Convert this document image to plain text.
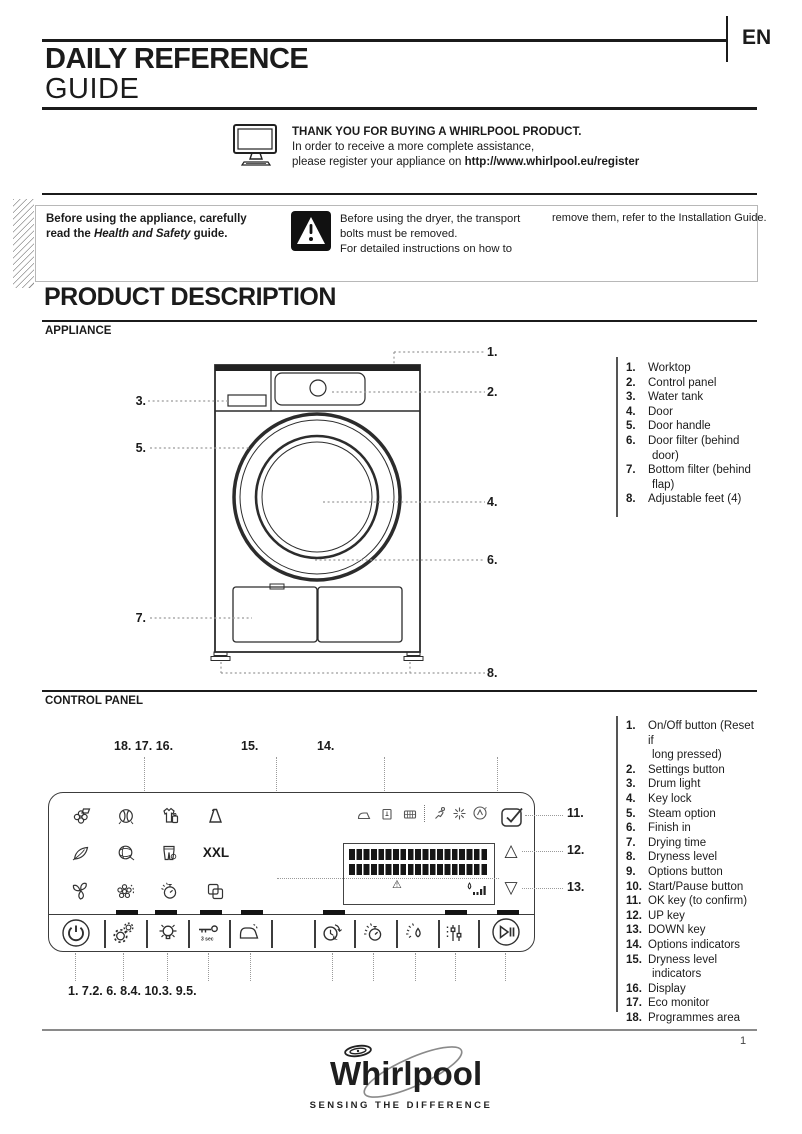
EN
DAILY REFERENCE
GUIDE
THANK YOU FOR BUYING A WHIRLPOOL PRODUCT.
In order to receive a more complete assistance,
please register your appliance on http://www.whirlpool.eu/register
Before using the appliance, carefully read the Health and Safety guide.
Before using the dryer, the transport bolts must be removed.
For detailed instructions on how to
remove them, refer to the Installation Guide.
PRODUCT DESCRIPTION
APPLIANCE
1.
2.
3.
5.
4.
6.
7.
8.
1.	Worktop
2.	Control panel
3.	Water tank
4.	Door
5.	Door handle
6.	Door filter (behind
door)
7.	Bottom filter (behind
flap)
8.	Adjustable feet (4)
CONTROL PANEL
18. 17. 16.	15.	14.
XXL
⚠
△
▽
3 sec	h.
11.
12.
13.
1. 7.2. 6. 8.4. 10.3. 9.5.
1.	On/Off button (Reset if
long pressed)
2.	Settings button
3.	Drum light
4.	Key lock
5.	Steam option
6.	Finish in
7.	Drying time
8.	Dryness level
9.	Options button
10. Start/Pause button
11. OK key (to confirm)
12. UP key
13. DOWN key
14. Options indicators
15. Dryness level
indicators
16. Display
17. Eco monitor
18. Programmes area
1
Whirlpool
SENSING THE DIFFERENCE
